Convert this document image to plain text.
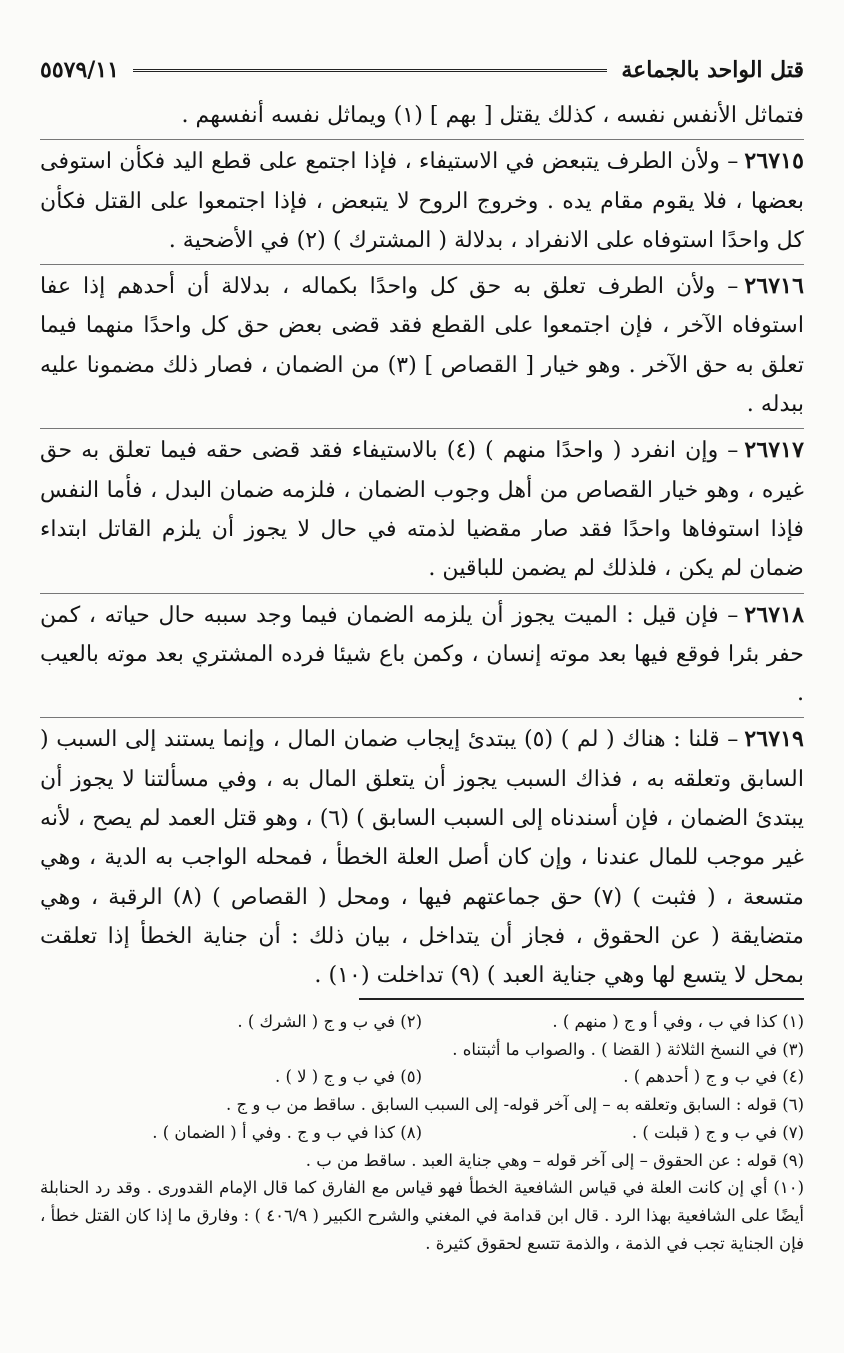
قتل الواحد بالجماعة
٥٥٧٩/١١

فتماثل الأنفس نفسه ، كذلك يقتل [ بهم ] (١) ويماثل نفسه أنفسهم .

٢٦٧١٥– ولأن الطرف يتبعض في الاستيفاء ، فإذا اجتمع على قطع اليد فكأن استوفى بعضها ، فلا يقوم مقام يده . وخروج الروح لا يتبعض ، فإذا اجتمعوا على القتل فكأن كل واحدًا استوفاه على الانفراد ، بدلالة ( المشترك ) (٢) في الأضحية .

٢٦٧١٦– ولأن الطرف تعلق به حق كل واحدًا بكماله ، بدلالة أن أحدهم إذا عفا استوفاه الآخر ، فإن اجتمعوا على القطع فقد قضى بعض حق كل واحدًا منهما فيما تعلق به حق الآخر . وهو خيار [ القصاص ] (٣) من الضمان ، فصار ذلك مضمونا عليه ببدله .

٢٦٧١٧– وإن انفرد ( واحدًا منهم ) (٤) بالاستيفاء فقد قضى حقه فيما تعلق به حق غيره ، وهو خيار القصاص من أهل وجوب الضمان ، فلزمه ضمان البدل ، فأما النفس فإذا استوفاها واحدًا فقد صار مقضيا لذمته في حال لا يجوز أن يلزم القاتل ابتداء ضمان لم يكن ، فلذلك لم يضمن للباقين .

٢٦٧١٨– فإن قيل : الميت يجوز أن يلزمه الضمان فيما وجد سببه حال حياته ، كمن حفر بئرا فوقع فيها بعد موته إنسان ، وكمن باع شيئا فرده المشتري بعد موته بالعيب .

٢٦٧١٩– قلنا : هناك ( لم ) (٥) يبتدئ إيجاب ضمان المال ، وإنما يستند إلى السبب ( السابق وتعلقه به ، فذاك السبب يجوز أن يتعلق المال به ، وفي مسألتنا لا يجوز أن يبتدئ الضمان ، فإن أسندناه إلى السبب السابق ) (٦) ، وهو قتل العمد لم يصح ، لأنه غير موجب للمال عندنا ، وإن كان أصل العلة الخطأ ، فمحله الواجب به الدية ، وهي متسعة ، ( فثبت ) (٧) حق جماعتهم فيها ، ومحل ( القصاص ) (٨) الرقبة ، وهي متضايقة ( عن الحقوق ، فجاز أن يتداخل ، بيان ذلك : أن جناية الخطأ إذا تعلقت بمحل لا يتسع لها وهي جناية العبد ) (٩) تداخلت (١٠) .

(١) كذا في ب ، وفي أ و ج ( منهم ) .
(٢) في ب و ج ( الشرك ) .

(٣) في النسخ الثلاثة ( القضا ) . والصواب ما أثبتناه .

(٤) في ب و ج ( أحدهم ) .
(٥) في ب و ج ( لا ) .

(٦) قوله : السابق وتعلقه به – إلى آخر قوله- إلى السبب السابق . ساقط من ب و ج .

(٧) في ب و ج ( قبلت ) .
(٨) كذا في ب و ج . وفي أ ( الضمان ) .

(٩) قوله : عن الحقوق – إلى آخر قوله – وهي جناية العبد . ساقط من ب .

(١٠) أي إن كانت العلة في قياس الشافعية الخطأ فهو قياس مع الفارق كما قال الإمام القدورى . وقد رد الحنابلة أيضًا على الشافعية بهذا الرد . قال ابن قدامة في المغني والشرح الكبير ( ٤٠٦/٩ ) : وفارق ما إذا كان القتل خطأ ، فإن الجناية تجب في الذمة ، والذمة تتسع لحقوق كثيرة .
